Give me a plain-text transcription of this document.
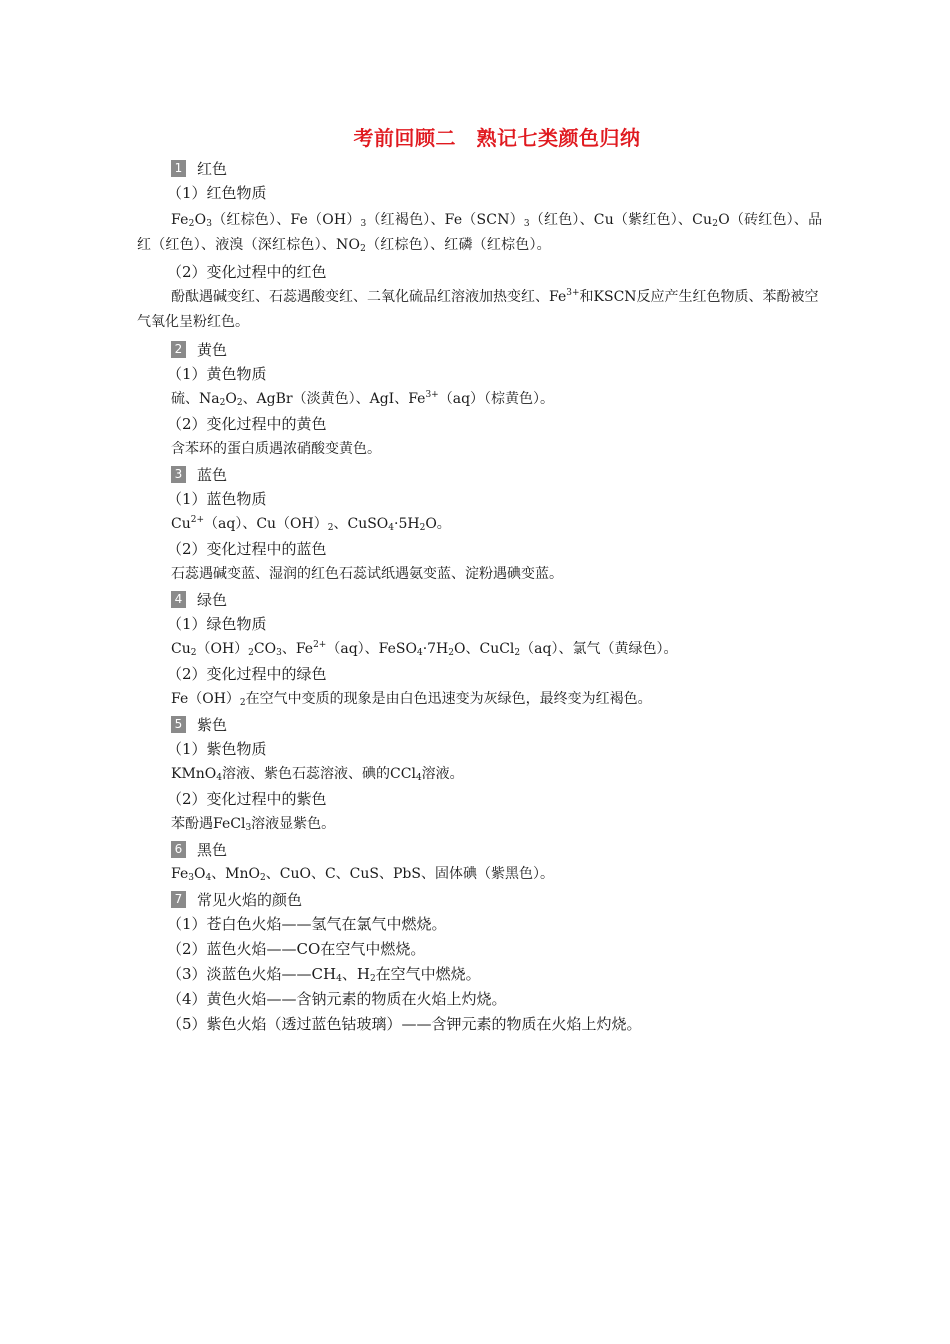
考前回顾二　熟记七类颜色归纳
1 红色
（1）红色物质

$Fe_2O_3$（红棕色）、$Fe(OH)_3$（红褐色）、$Fe(SCN)_3$（红色）、Cu（紫红色）、$Cu_2O$（砖红色）、品红（红色）、液溴（深红棕色）、$NO_2$（红棕色）、红磷（红棕色）。

（2）变化过程中的红色

酚酞遇碱变红、石蕊遇酸变红、二氧化硫品红溶液加热变红、$Fe^{3+}$和KSCN反应产生红色物质、苯酚被空气氧化呈粉红色。

2 黄色
（1）黄色物质

硫、$Na_2O_2$、AgBr（淡黄色）、AgI、$Fe^{3+}(aq)$（棕黄色）。

（2）变化过程中的黄色

含苯环的蛋白质遇浓硝酸变黄色。

3 蓝色
（1）蓝色物质

$Cu^{2+}(aq)$、$Cu(OH)_2$、$CuSO_4\cdot 5H_2O$。

（2）变化过程中的蓝色

石蕊遇碱变蓝、湿润的红色石蕊试纸遇氨变蓝、淀粉遇碘变蓝。

4 绿色
（1）绿色物质

$Cu_2(OH)_2CO_3$、$Fe^{2+}(aq)$、$FeSO_4\cdot 7H_2O$、CuCl$_2$（aq）、氯气（黄绿色）。

（2）变化过程中的绿色

$Fe(OH)_2$在空气中变质的现象是由白色迅速变为灰绿色，最终变为红褐色。

5 紫色
（1）紫色物质

KMnO$_4$溶液、紫色石蕊溶液、碘的CCl$_4$溶液。

（2）变化过程中的紫色

苯酚遇FeCl$_3$溶液显紫色。

6 黑色

$Fe_3O_4$、MnO$_2$、CuO、C、CuS、PbS、固体碘（紫黑色）。

7 常见火焰的颜色
（1）苍白色火焰——氢气在氯气中燃烧。
（2）蓝色火焰——CO在空气中燃烧。
（3）淡蓝色火焰$——CH_4$、$H_2$在空气中燃烧。
（4）黄色火焰——含钠元素的物质在火焰上灼烧。
（5）紫色火焰（透过蓝色钴玻璃）——含钾元素的物质在火焰上灼烧。
